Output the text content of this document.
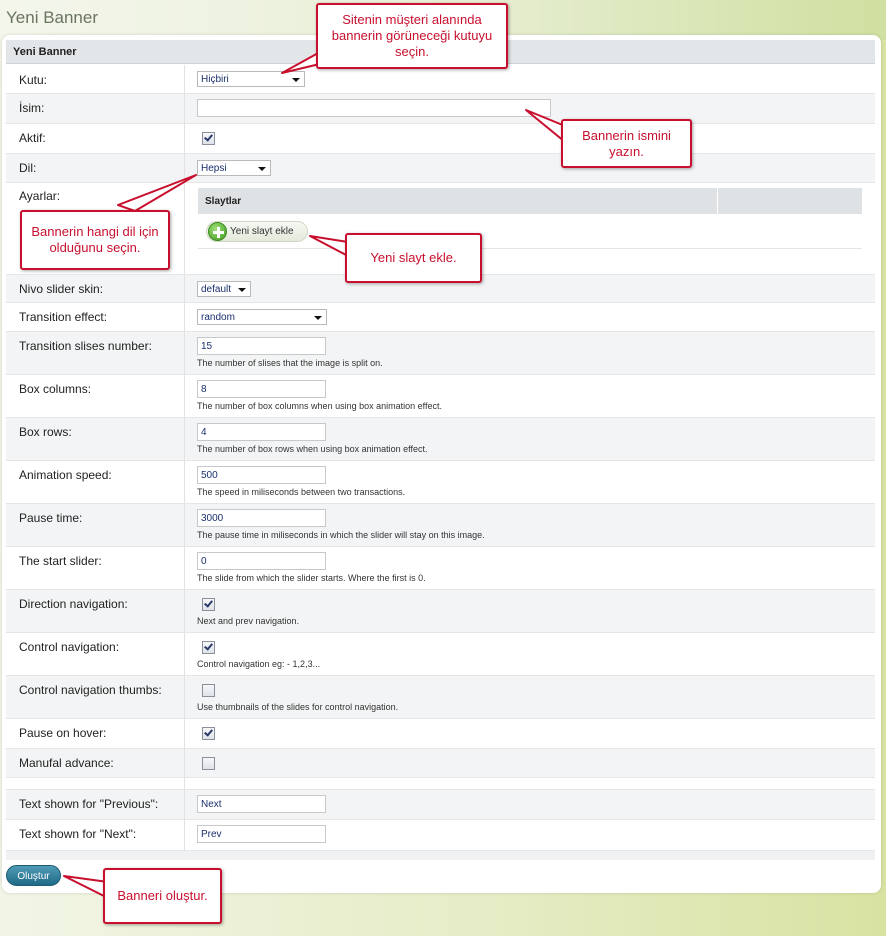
Yeni Banner
Yeni Banner
Kutu:	Hiçbiri
İsim:
Aktif:
Dil:	Hepsi
Ayarlar:	Slaytlar
Yeni slayt ekle
Nivo slider skin:	default
Transition effect:	random
Transition slises number:	15
The number of slises that the image is split on.
Box columns:	8
The number of box columns when using box animation effect.
Box rows:	4
The number of box rows when using box animation effect.
Animation speed:	500
The speed in miliseconds between two transactions.
Pause time:	3000
The pause time in miliseconds in which the slider will stay on this image.
The start slider:	0
The slide from which the slider starts. Where the first is 0.
Direction navigation:
Next and prev navigation.
Control navigation:
Control navigation eg: - 1,2,3...
Control navigation thumbs:
Use thumbnails of the slides for control navigation.
Pause on hover:
Manufal advance:
Text shown for "Previous":	Next
Text shown for "Next":	Prev
Oluştur
Sitenin müşteri alanında bannerin görüneceği kutuyu seçin.
Bannerin ismini yazın.
Bannerin hangi dil için olduğunu seçin.
Yeni slayt ekle.
Banneri oluştur.
